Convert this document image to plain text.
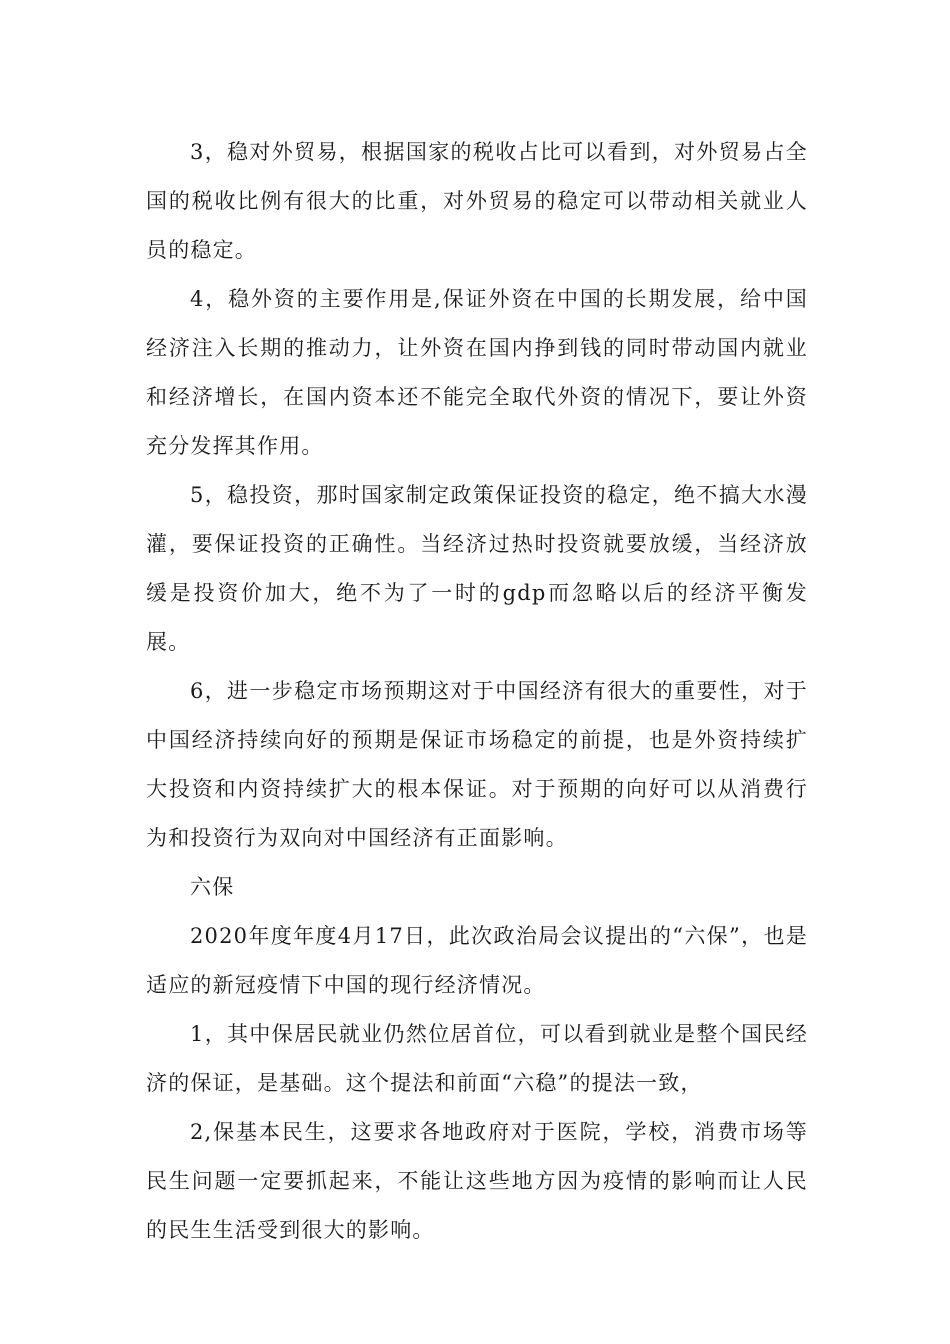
3，稳对外贸易，根据国家的税收占比可以看到，对外贸易占全国的税收比例有很大的比重，对外贸易的稳定可以带动相关就业人员的稳定。

4，稳外资的主要作用是,保证外资在中国的长期发展，给中国经济注入长期的推动力，让外资在国内挣到钱的同时带动国内就业和经济增长，在国内资本还不能完全取代外资的情况下，要让外资充分发挥其作用。

5，稳投资，那时国家制定政策保证投资的稳定，绝不搞大水漫灌，要保证投资的正确性。当经济过热时投资就要放缓，当经济放缓是投资价加大，绝不为了一时的gdp而忽略以后的经济平衡发展。

6，进一步稳定市场预期这对于中国经济有很大的重要性，对于中国经济持续向好的预期是保证市场稳定的前提，也是外资持续扩大投资和内资持续扩大的根本保证。对于预期的向好可以从消费行为和投资行为双向对中国经济有正面影响。

六保

2020年度年度4月17日，此次政治局会议提出的“六保”，也是适应的新冠疫情下中国的现行经济情况。

1，其中保居民就业仍然位居首位，可以看到就业是整个国民经济的保证，是基础。这个提法和前面“六稳”的提法一致，

2,保基本民生，这要求各地政府对于医院，学校，消费市场等民生问题一定要抓起来，不能让这些地方因为疫情的影响而让人民的民生生活受到很大的影响。
